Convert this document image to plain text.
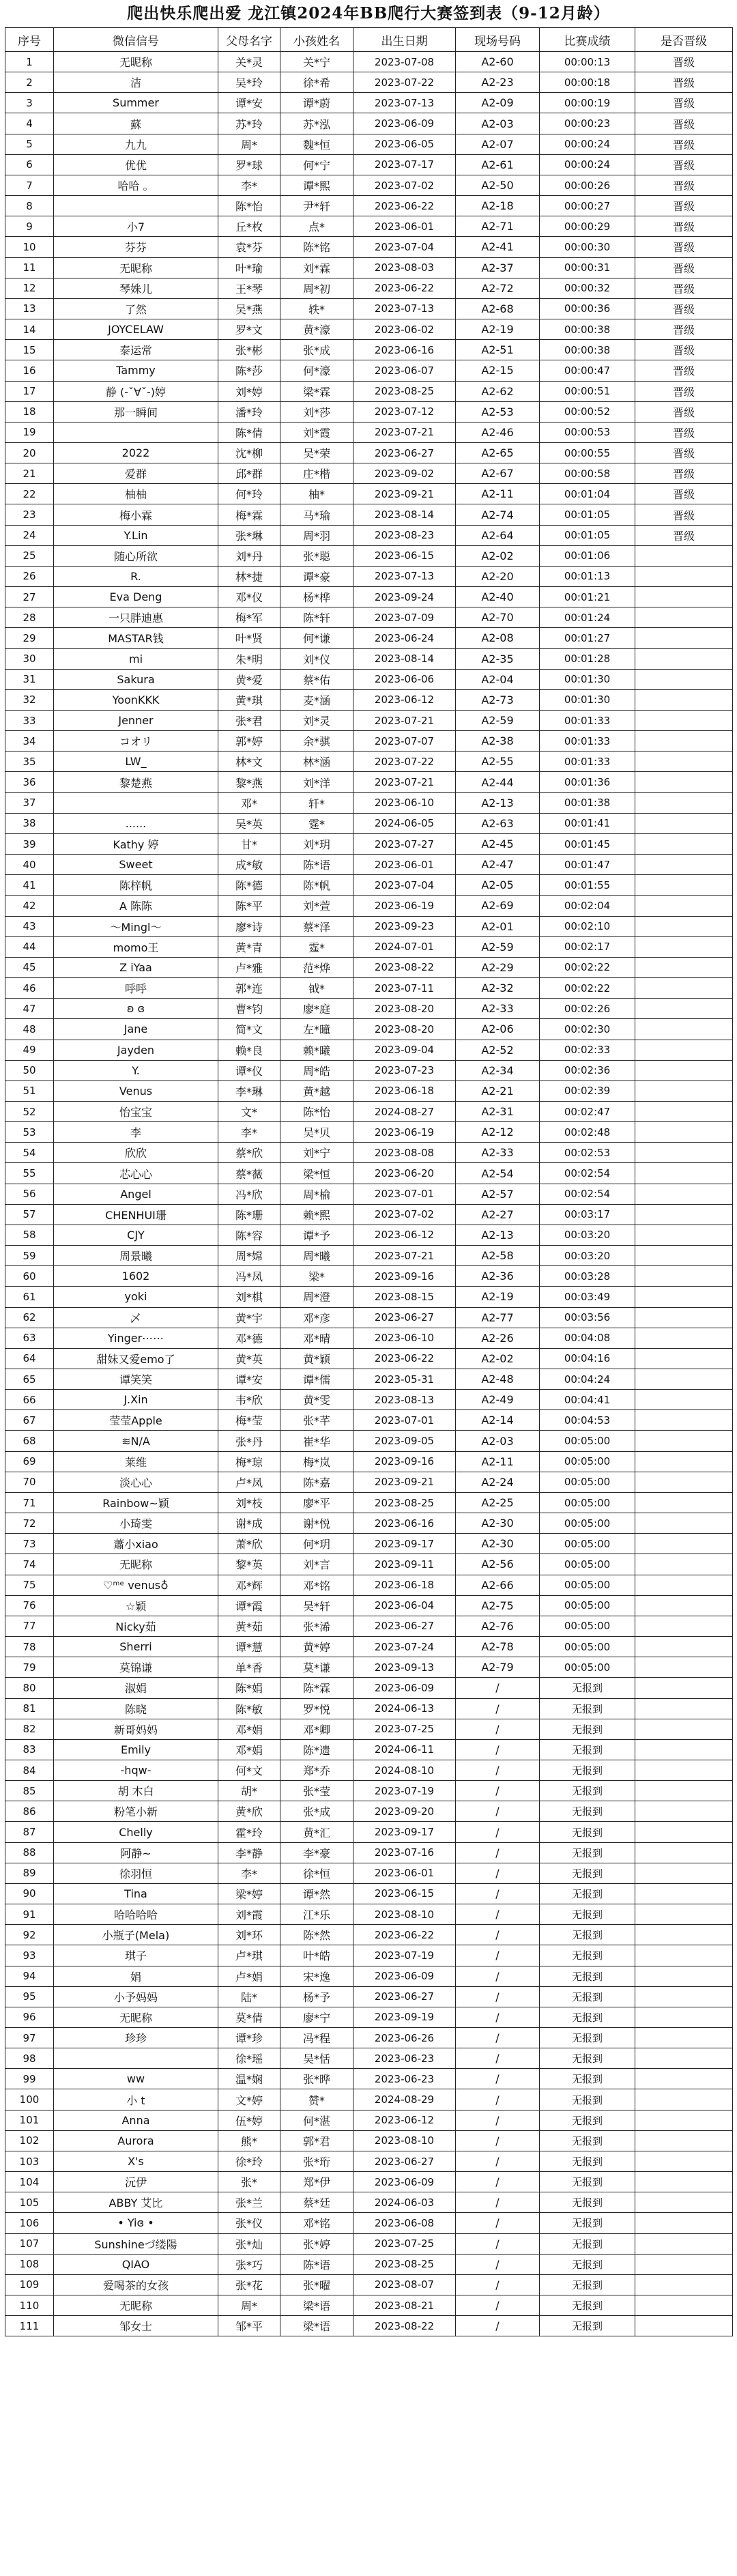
爬出快乐爬出爱 龙江镇2024年BB爬行大赛签到表（9-12月龄）
序号	微信信号	父母名字	小孩姓名	出生日期	现场号码	比赛成绩	是否晋级
1	无昵称	关*灵	关*宁	2023-07-08	A2-60	00:00:13	晋级
2	洁	吴*玲	徐*希	2023-07-22	A2-23	00:00:18	晋级
3	Summer	谭*安	谭*蔚	2023-07-13	A2-09	00:00:19	晋级
4	蘇	苏*玲	苏*泓	2023-06-09	A2-03	00:00:23	晋级
5	九九	周*	魏*恒	2023-06-05	A2-07	00:00:24	晋级
6	优优	罗*球	何*宁	2023-07-17	A2-61	00:00:24	晋级
7	哈哈 。	李*	谭*熙	2023-07-02	A2-50	00:00:26	晋级
8		陈*怡	尹*轩	2023-06-22	A2-18	00:00:27	晋级
9	小7	丘*枚	点*	2023-06-01	A2-71	00:00:29	晋级
10	芬芬	袁*芬	陈*铭	2023-07-04	A2-41	00:00:30	晋级
11	无昵称	叶*瑜	刘*霖	2023-08-03	A2-37	00:00:31	晋级
12	琴姝儿	王*琴	周*初	2023-06-22	A2-72	00:00:32	晋级
13	了然	吴*燕	轶*	2023-07-13	A2-68	00:00:36	晋级
14	JOYCELAW	罗*文	黄*濠	2023-06-02	A2-19	00:00:38	晋级
15	泰运常	张*彬	张*成	2023-06-16	A2-51	00:00:38	晋级
16	Tammy	陈*莎	何*濠	2023-06-07	A2-15	00:00:47	晋级
17	静 (-ˇ∀ˇ-)婷	刘*婷	梁*霖	2023-08-25	A2-62	00:00:51	晋级
18	那一瞬间	潘*玲	刘*莎	2023-07-12	A2-53	00:00:52	晋级
19		陈*倩	刘*霞	2023-07-21	A2-46	00:00:53	晋级
20	2022	沈*柳	吴*荣	2023-06-27	A2-65	00:00:55	晋级
21	爱群	邱*群	庄*楷	2023-09-02	A2-67	00:00:58	晋级
22	柚柚	何*玲	柚*	2023-09-21	A2-11	00:01:04	晋级
23	梅小霖	梅*霖	马*瑜	2023-08-14	A2-74	00:01:05	晋级
24	Y.Lin	张*琳	周*羽	2023-08-23	A2-64	00:01:05	晋级
25	随心所欲	刘*丹	张*聪	2023-06-15	A2-02	00:01:06	
26	R.	林*捷	谭*豪	2023-07-13	A2-20	00:01:13	
27	Eva Deng	邓*仪	杨*桦	2023-09-24	A2-40	00:01:21	
28	一只胖迪惠	梅*军	陈*轩	2023-07-09	A2-70	00:01:24	
29	MASTAR钱	叶*贤	何*谦	2023-06-24	A2-08	00:01:27	
30	mi	朱*明	刘*仪	2023-08-14	A2-35	00:01:28	
31	Sakura	黄*爱	蔡*佑	2023-06-06	A2-04	00:01:30	
32	YoonKKK	黄*琪	麦*涵	2023-06-12	A2-73	00:01:30	
33	Jenner	张*君	刘*灵	2023-07-21	A2-59	00:01:33	
34	コオリ	郭*婷	余*骐	2023-07-07	A2-38	00:01:33	
35	LW_	林*文	林*涵	2023-07-22	A2-55	00:01:33	
36	黎楚燕	黎*燕	刘*洋	2023-07-21	A2-44	00:01:36	
37		邓*	轩*	2023-06-10	A2-13	00:01:38	
38	......	吴*英	霆*	2024-06-05	A2-63	00:01:41	
39	Kathy 婷	甘*	刘*玥	2023-07-27	A2-45	00:01:45	
40	Sweet	成*敏	陈*语	2023-06-01	A2-47	00:01:47	
41	陈梓帆	陈*德	陈*帆	2023-07-04	A2-05	00:01:55	
42	A 陈陈	陈*平	刘*萱	2023-06-19	A2-69	00:02:04	
43	～Mingl～	廖*诗	蔡*泽	2023-09-23	A2-01	00:02:10	
44	momo王	黄*青	霆*	2024-07-01	A2-59	00:02:17	
45	Z iYaa	卢*雅	范*烨	2023-08-22	A2-29	00:02:22	
46	呼呼	郭*连	钺*	2023-07-11	A2-32	00:02:22	
47	ʚ ɞ	曹*钧	廖*庭	2023-08-20	A2-33	00:02:26	
48	Jane	简*文	左*曈	2023-08-20	A2-06	00:02:30	
49	Jayden	赖*良	赖*曦	2023-09-04	A2-52	00:02:33	
50	Y.	谭*仪	周*皓	2023-07-23	A2-34	00:02:36	
51	Venus	李*琳	黄*越	2023-06-18	A2-21	00:02:39	
52	怡宝宝	文*	陈*怡	2024-08-27	A2-31	00:02:47	
53	李	李*	吴*贝	2023-06-19	A2-12	00:02:48	
54	欣欣	蔡*欣	刘*宁	2023-08-08	A2-33	00:02:53	
55	芯心心	蔡*薇	梁*恒	2023-06-20	A2-54	00:02:54	
56	Angel	冯*欣	周*榆	2023-07-01	A2-57	00:02:54	
57	CHENHUI珊	陈*珊	赖*熙	2023-07-02	A2-27	00:03:17	
58	CJY	陈*容	谭*予	2023-06-12	A2-13	00:03:20	
59	周景曦	周*嫦	周*曦	2023-07-21	A2-58	00:03:20	
60	1602	冯*凤	梁*	2023-09-16	A2-36	00:03:28	
61	yoki	刘*棋	周*澄	2023-08-15	A2-19	00:03:49	
62	乄	黄*宇	邓*彦	2023-06-27	A2-77	00:03:56	
63	Yinger⋯⋯	邓*德	邓*晴	2023-06-10	A2-26	00:04:08	
64	甜妹又爱emo了	黄*英	黄*颖	2023-06-22	A2-02	00:04:16	
65	谭笑笑	谭*安	谭*儒	2023-05-31	A2-48	00:04:24	
66	J.Xin	韦*欣	黄*雯	2023-08-13	A2-49	00:04:41	
67	莹莹Apple	梅*莹	张*芊	2023-07-01	A2-14	00:04:53	
68	≋N/A	张*丹	崔*华	2023-09-05	A2-03	00:05:00	
69	莱维	梅*琼	梅*岚	2023-09-16	A2-11	00:05:00	
70	淡心心	卢*凤	陈*嘉	2023-09-21	A2-24	00:05:00	
71	Rainbow~颖	刘*枝	廖*平	2023-08-25	A2-25	00:05:00	
72	小琦雯	谢*成	谢*悦	2023-06-16	A2-30	00:05:00	
73	蕭小xiao	萧*欣	何*玥	2023-09-17	A2-30	00:05:00	
74	无昵称	黎*英	刘*言	2023-09-11	A2-56	00:05:00	
75	♡ᵐᵉ venus♁	邓*辉	邓*铭	2023-06-18	A2-66	00:05:00	
76	☆颖	谭*霞	吴*轩	2023-06-04	A2-75	00:05:00	
77	Nicky茹	黄*茹	张*浠	2023-06-27	A2-76	00:05:00	
78	Sherri	谭*慧	黄*婷	2023-07-24	A2-78	00:05:00	
79	莫锦谦	单*香	莫*谦	2023-09-13	A2-79	00:05:00	
80	淑娟	陈*娟	陈*霖	2023-06-09	/	无报到	
81	陈晓	陈*敏	罗*悦	2024-06-13	/	无报到	
82	新哥妈妈	邓*娟	邓*卿	2023-07-25	/	无报到	
83	Emily	邓*娟	陈*遗	2024-06-11	/	无报到	
84	-hqw-	何*文	郑*乔	2024-08-10	/	无报到	
85	胡 木白	胡*	张*莹	2023-07-19	/	无报到	
86	粉笔小新	黄*欣	张*成	2023-09-20	/	无报到	
87	Chelly	霍*玲	黄*汇	2023-09-17	/	无报到	
88	阿静~	李*静	李*豪	2023-07-16	/	无报到	
89	徐羽恒	李*	徐*恒	2023-06-01	/	无报到	
90	Tina	梁*婷	谭*然	2023-06-15	/	无报到	
91	哈哈哈哈	刘*霞	江*乐	2023-08-10	/	无报到	
92	小瓶子(Mela)	刘*环	陈*然	2023-06-22	/	无报到	
93	琪子	卢*琪	叶*皓	2023-07-19	/	无报到	
94	娟	卢*娟	宋*逸	2023-06-09	/	无报到	
95	小予妈妈	陆*	杨*予	2023-06-27	/	无报到	
96	无昵称	莫*倩	廖*宁	2023-09-19	/	无报到	
97	珍珍	谭*珍	冯*程	2023-06-26	/	无报到	
98		徐*瑶	吴*恬	2023-06-23	/	无报到	
99	ww	温*娴	张*晔	2023-06-23	/	无报到	
100	小 t	文*婷	赞*	2024-08-29	/	无报到	
101	Anna	伍*婷	何*湛	2023-06-12	/	无报到	
102	Aurora	熊*	郭*君	2023-08-10	/	无报到	
103	X's	徐*玲	张*珩	2023-06-27	/	无报到	
104	沅伊	张*	郑*伊	2023-06-09	/	无报到	
105	ABBY 艾比	张*兰	蔡*廷	2024-06-03	/	无报到	
106	• Yiɞ •	张*仪	邓*铭	2023-06-08	/	无报到	
107	Sunshineづ缕陽	张*灿	张*婷	2023-07-25	/	无报到	
108	QIAO	张*巧	陈*语	2023-08-25	/	无报到	
109	爱喝茶的女孩	张*花	张*曜	2023-08-07	/	无报到	
110	无昵称	周*	梁*语	2023-08-21	/	无报到	
111	邹女士	邹*平	梁*语	2023-08-22	/	无报到	
